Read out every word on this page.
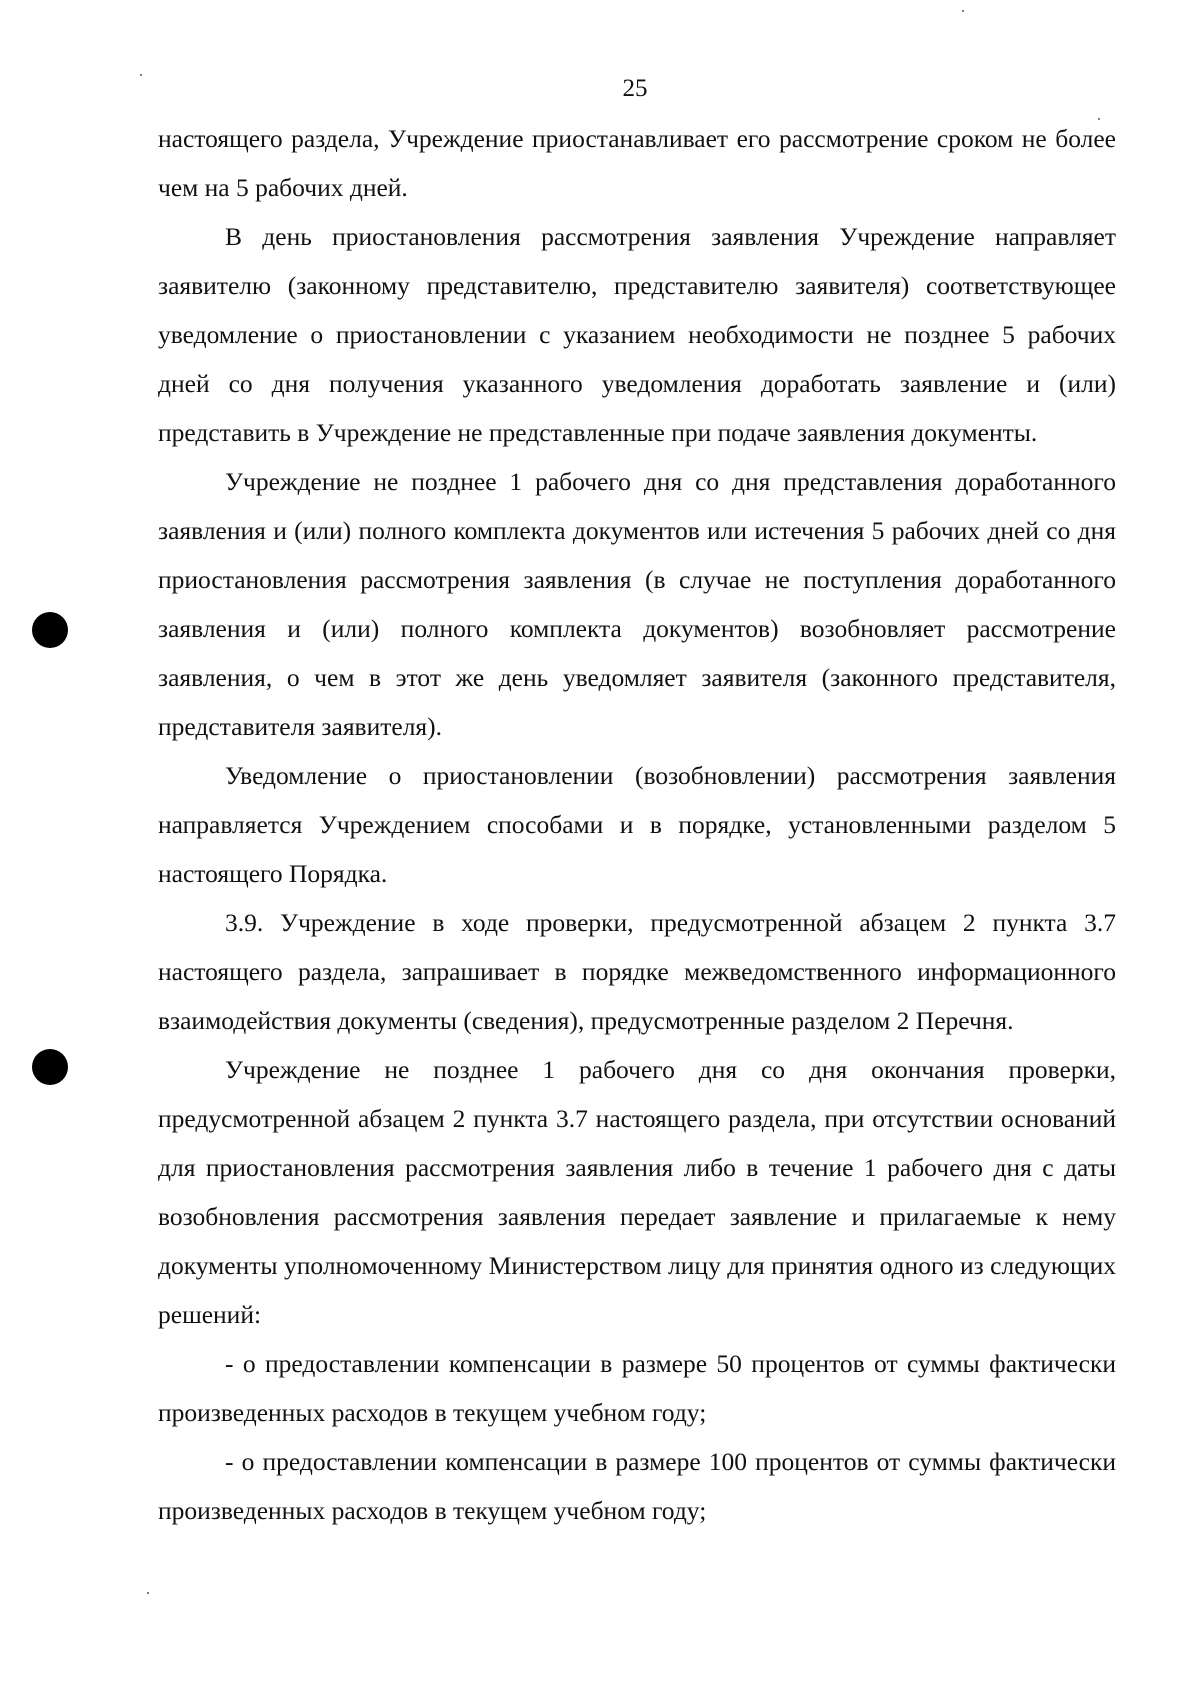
25

настоящего раздела, Учреждение приостанавливает его рассмотрение сроком не более чем на 5 рабочих дней.

В день приостановления рассмотрения заявления Учреждение направляет заявителю (законному представителю, представителю заявителя) соответствующее уведомление о приостановлении с указанием необходимости не позднее 5 рабочих дней со дня получения указанного уведомления доработать заявление и (или) представить в Учреждение не представленные при подаче заявления документы.

Учреждение не позднее 1 рабочего дня со дня представления доработанного заявления и (или) полного комплекта документов или истечения 5 рабочих дней со дня приостановления рассмотрения заявления (в случае не поступления доработанного заявления и (или) полного комплекта документов) возобновляет рассмотрение заявления, о чем в этот же день уведомляет заявителя (законного представителя, представителя заявителя).

Уведомление о приостановлении (возобновлении) рассмотрения заявления направляется Учреждением способами и в порядке, установленными разделом 5 настоящего Порядка.

3.9. Учреждение в ходе проверки, предусмотренной абзацем 2 пункта 3.7 настоящего раздела, запрашивает в порядке межведомственного информационного взаимодействия документы (сведения), предусмотренные разделом 2 Перечня.

Учреждение не позднее 1 рабочего дня со дня окончания проверки, предусмотренной абзацем 2 пункта 3.7 настоящего раздела, при отсутствии оснований для приостановления рассмотрения заявления либо в течение 1 рабочего дня с даты возобновления рассмотрения заявления передает заявление и прилагаемые к нему документы уполномоченному Министерством лицу для принятия одного из следующих решений:

- о предоставлении компенсации в размере 50 процентов от суммы фактически произведенных расходов в текущем учебном году;

- о предоставлении компенсации в размере 100 процентов от суммы фактически произведенных расходов в текущем учебном году;
